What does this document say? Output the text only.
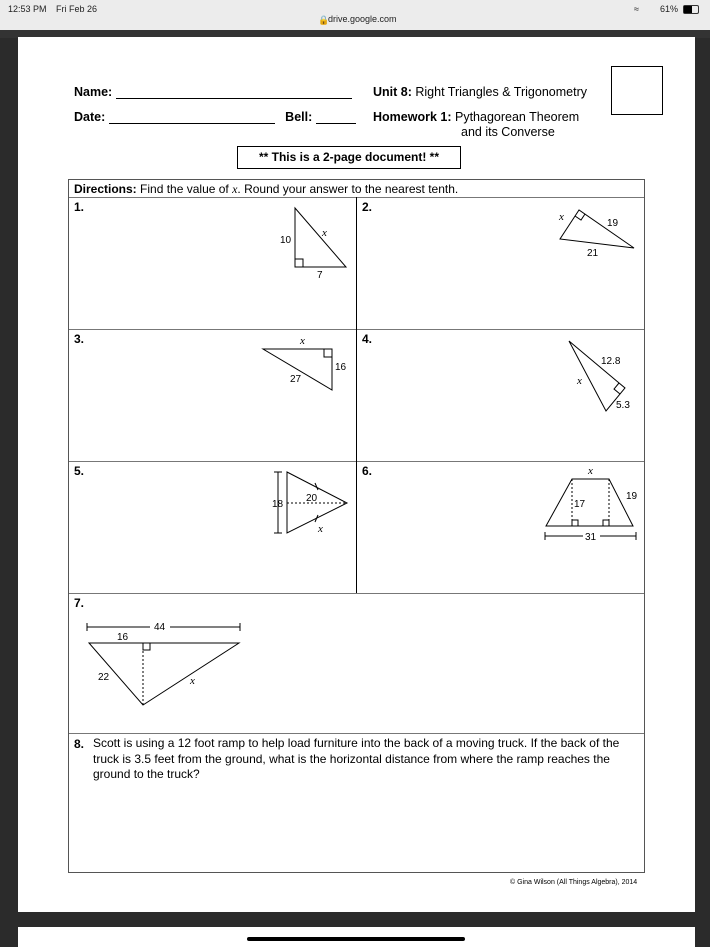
12:53 PM Fri Feb 26
🔒
drive.google.com
≈ 61%
Name:
Date:	Bell:
Unit 8: Right Triangles & Trigonometry
Homework 1: Pythagorean Theorem
and its Converse
** This is a 2-page document! **
Directions: Find the value of x. Round your answer to the nearest tenth.
1.	2.
3.	4.
5.	6.
7.
8. Scott is using a 12 foot ramp to help load furniture into the back of a moving truck. If the back of the truck is 3.5 feet from the ground, what is the horizontal distance from where the ramp reaches the ground to the truck?
© Gina Wilson (All Things Algebra), 2014
10
x
7
x
19
21
x
16
27
12.8
x
5.3
18
20
x
x
17
19
31
44
16
22	x
